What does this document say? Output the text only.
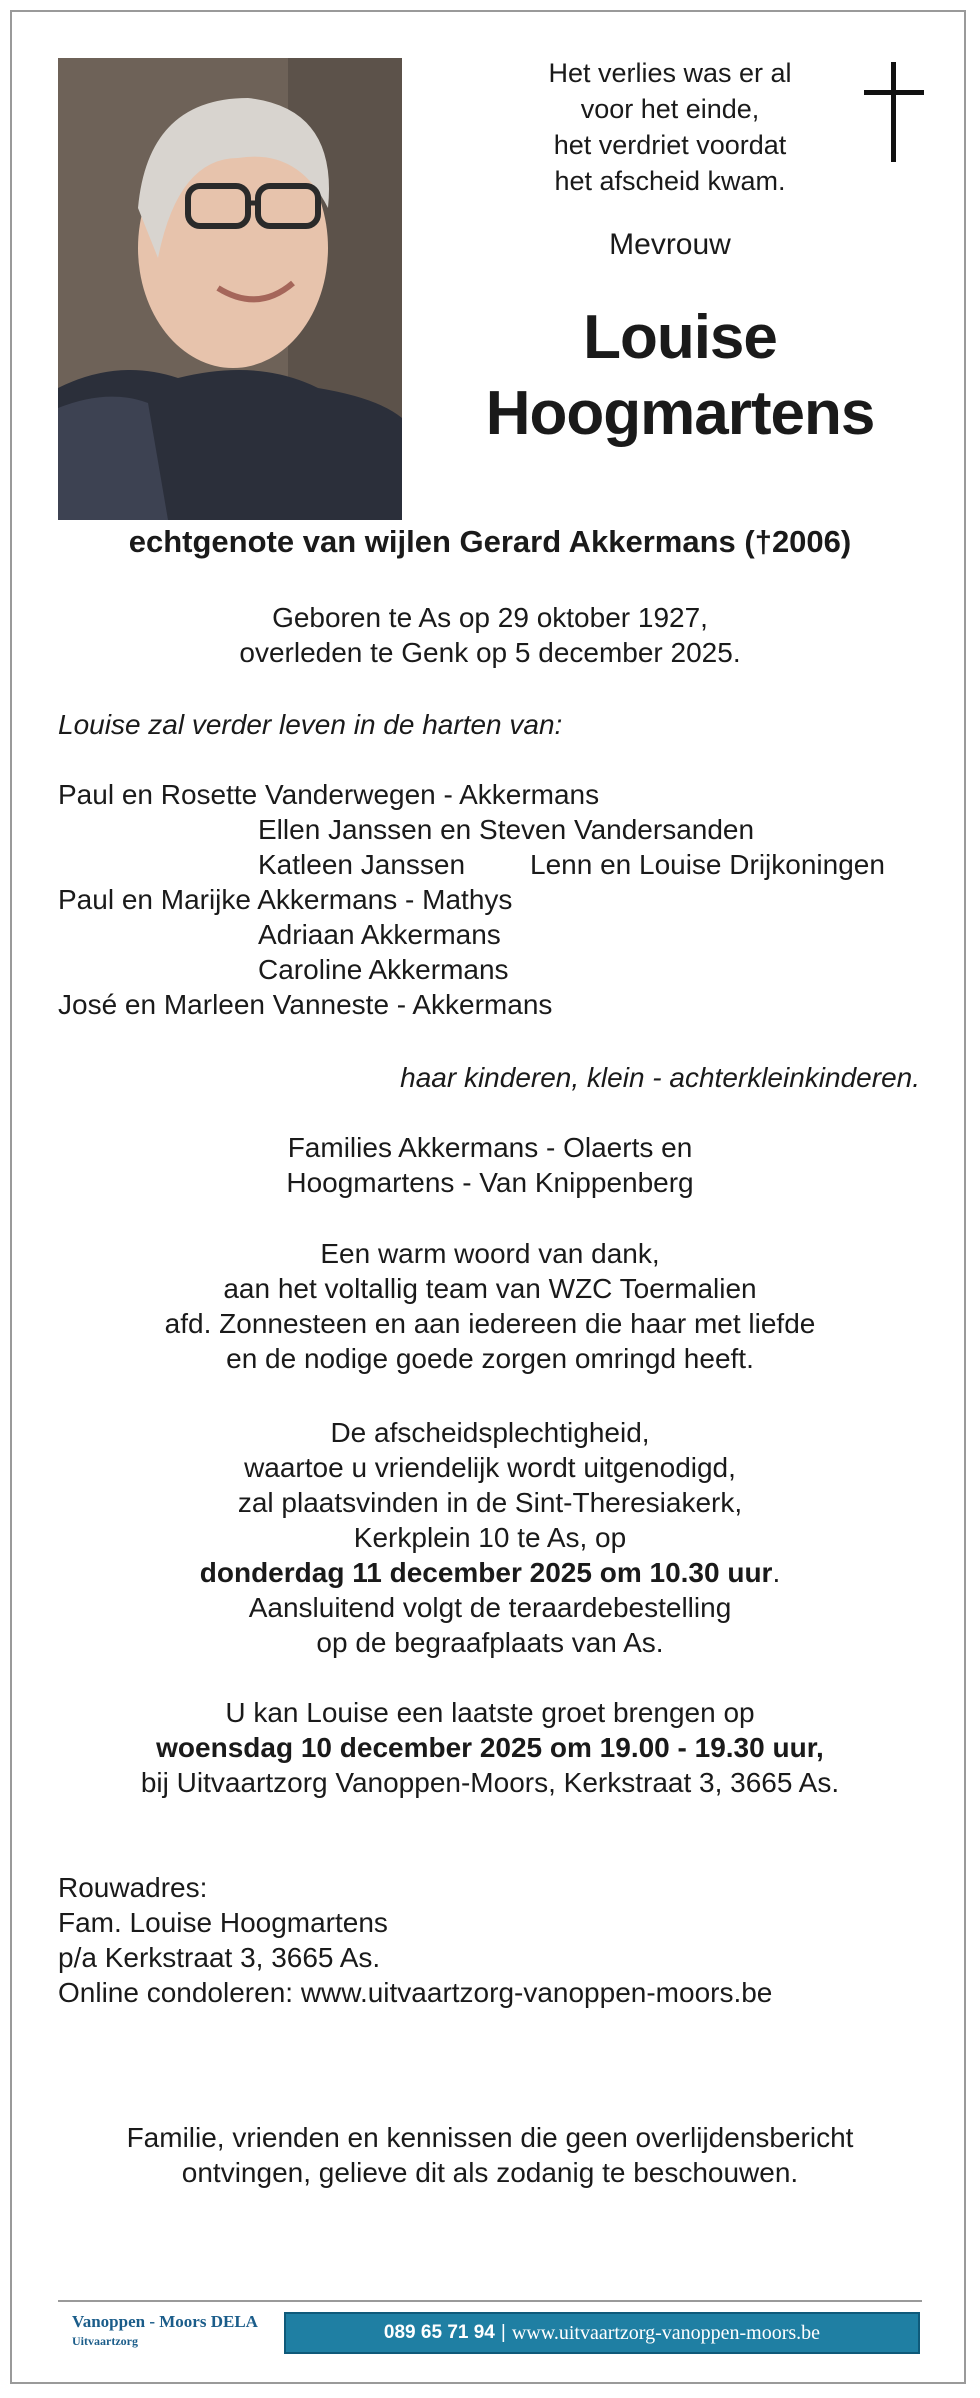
Het verlies was er al
voor het einde,
het verdriet voordat
het afscheid kwam.
Mevrouw
Louise
Hoogmartens
echtgenote van wijlen Gerard Akkermans (†2006)
Geboren te As op 29 oktober 1927,
overleden te Genk op 5 december 2025.
Louise zal verder leven in de harten van:
Paul en Rosette Vanderwegen - Akkermans
Ellen Janssen en Steven Vandersanden
Katleen Janssen Lenn en Louise Drijkoningen
Paul en Marijke Akkermans - Mathys
Adriaan Akkermans
Caroline Akkermans
José en Marleen Vanneste - Akkermans
haar kinderen, klein - achterkleinkinderen.
Families Akkermans - Olaerts en
Hoogmartens - Van Knippenberg
Een warm woord van dank,
aan het voltallig team van WZC Toermalien
afd. Zonnesteen en aan iedereen die haar met liefde
en de nodige goede zorgen omringd heeft.
De afscheidsplechtigheid,
waartoe u vriendelijk wordt uitgenodigd,
zal plaatsvinden in de Sint-Theresiakerk,
Kerkplein 10 te As, op
donderdag 11 december 2025 om 10.30 uur.
Aansluitend volgt de teraardebestelling
op de begraafplaats van As.
U kan Louise een laatste groet brengen op
woensdag 10 december 2025 om 19.00 - 19.30 uur,
bij Uitvaartzorg Vanoppen-Moors, Kerkstraat 3, 3665 As.
Rouwadres:
Fam. Louise Hoogmartens
p/a Kerkstraat 3, 3665 As.
Online condoleren: www.uitvaartzorg-vanoppen-moors.be
Familie, vrienden en kennissen die geen overlijdensbericht
ontvingen, gelieve dit als zodanig te beschouwen.
Vanoppen - Moors DELA
Uitvaartzorg	089 65 71 94 | www.uitvaartzorg-vanoppen-moors.be
